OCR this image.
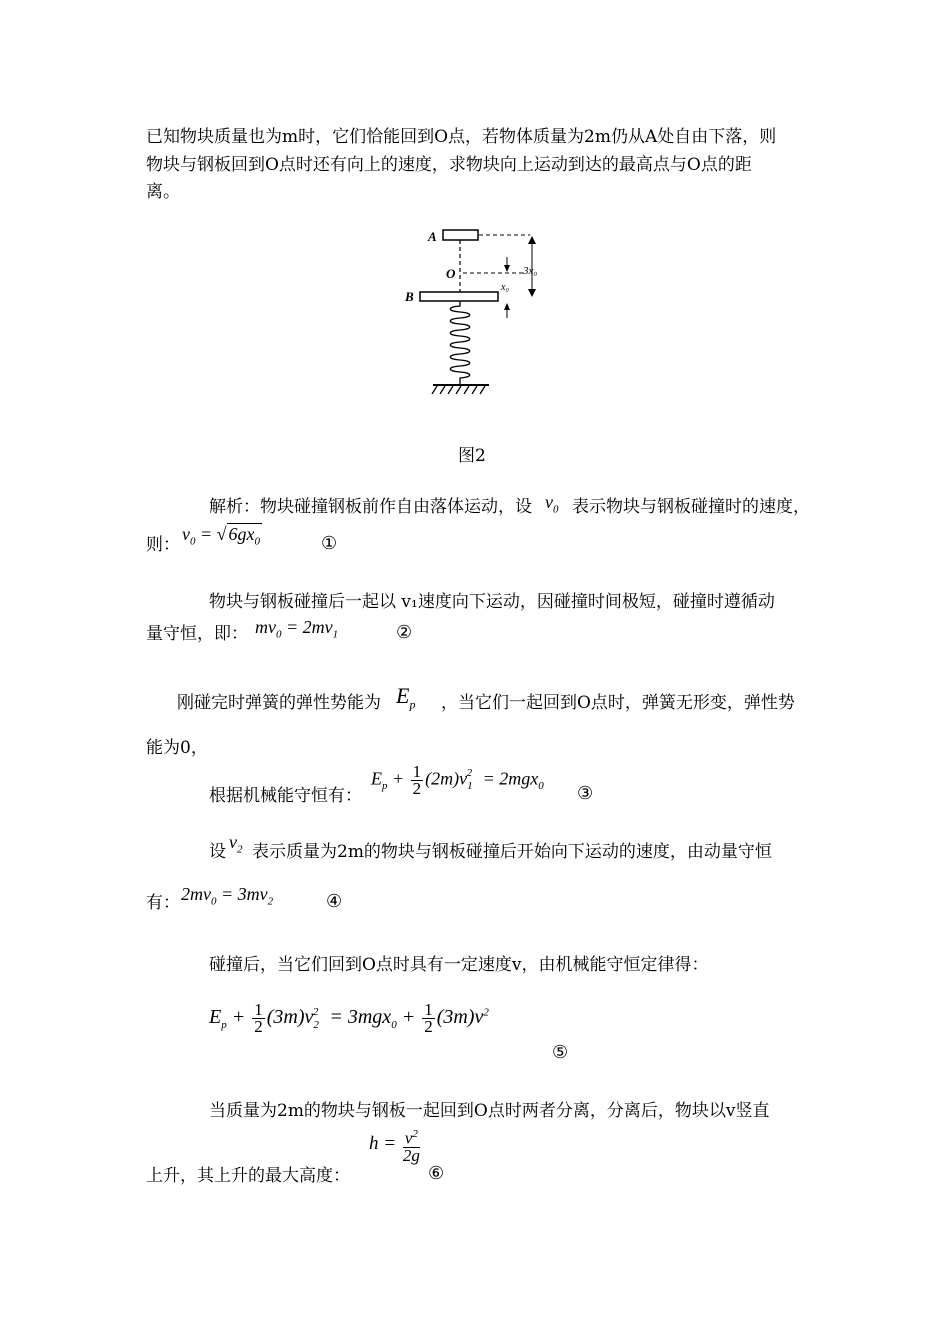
已知物块质量也为m时，它们恰能回到O点，若物体质量为2m仍从A处自由下落，则
物块与钢板回到O点时还有向上的速度，求物块向上运动到达的最高点与O点的距
离。
A
O
B
3x₀
x₀
图2
解析：物块碰撞钢板前作自由落体运动，设 $v_0$ 表示物块与钢板碰撞时的速度，
则：
$v_0$ = √ $6gx_0$	①
物块与钢板碰撞后一起以 v₁速度向下运动，因碰撞时间极短，碰撞时遵循动
量守恒，即： $mv_0 = 2mv_1$	②
刚碰完时弹簧的弹性势能为 $E_p$ ，当它们一起回到O点时，弹簧无形变，弹性势
能为0，
根据机械能守恒有：
$E_p + \frac{1}{2} (2m)v_1^2 = 2mgx_0$ ③
设 $v_2$ 表示质量为2m的物块与钢板碰撞后开始向下运动的速度，由动量守恒
有： $2mv_0 = 3mv_2$	④
碰撞后，当它们回到O点时具有一定速度v，由机械能守恒定律得：
$E_p + \frac{1}{2} (3m)v_2^2 = 3mgx_0 + \frac{1}{2} (3m)v^2$
⑤
当质量为2m的物块与钢板一起回到O点时两者分离，分离后，物块以v竖直
$h = \frac{v^2}{2g}$
上升，其上升的最大高度：	⑥
